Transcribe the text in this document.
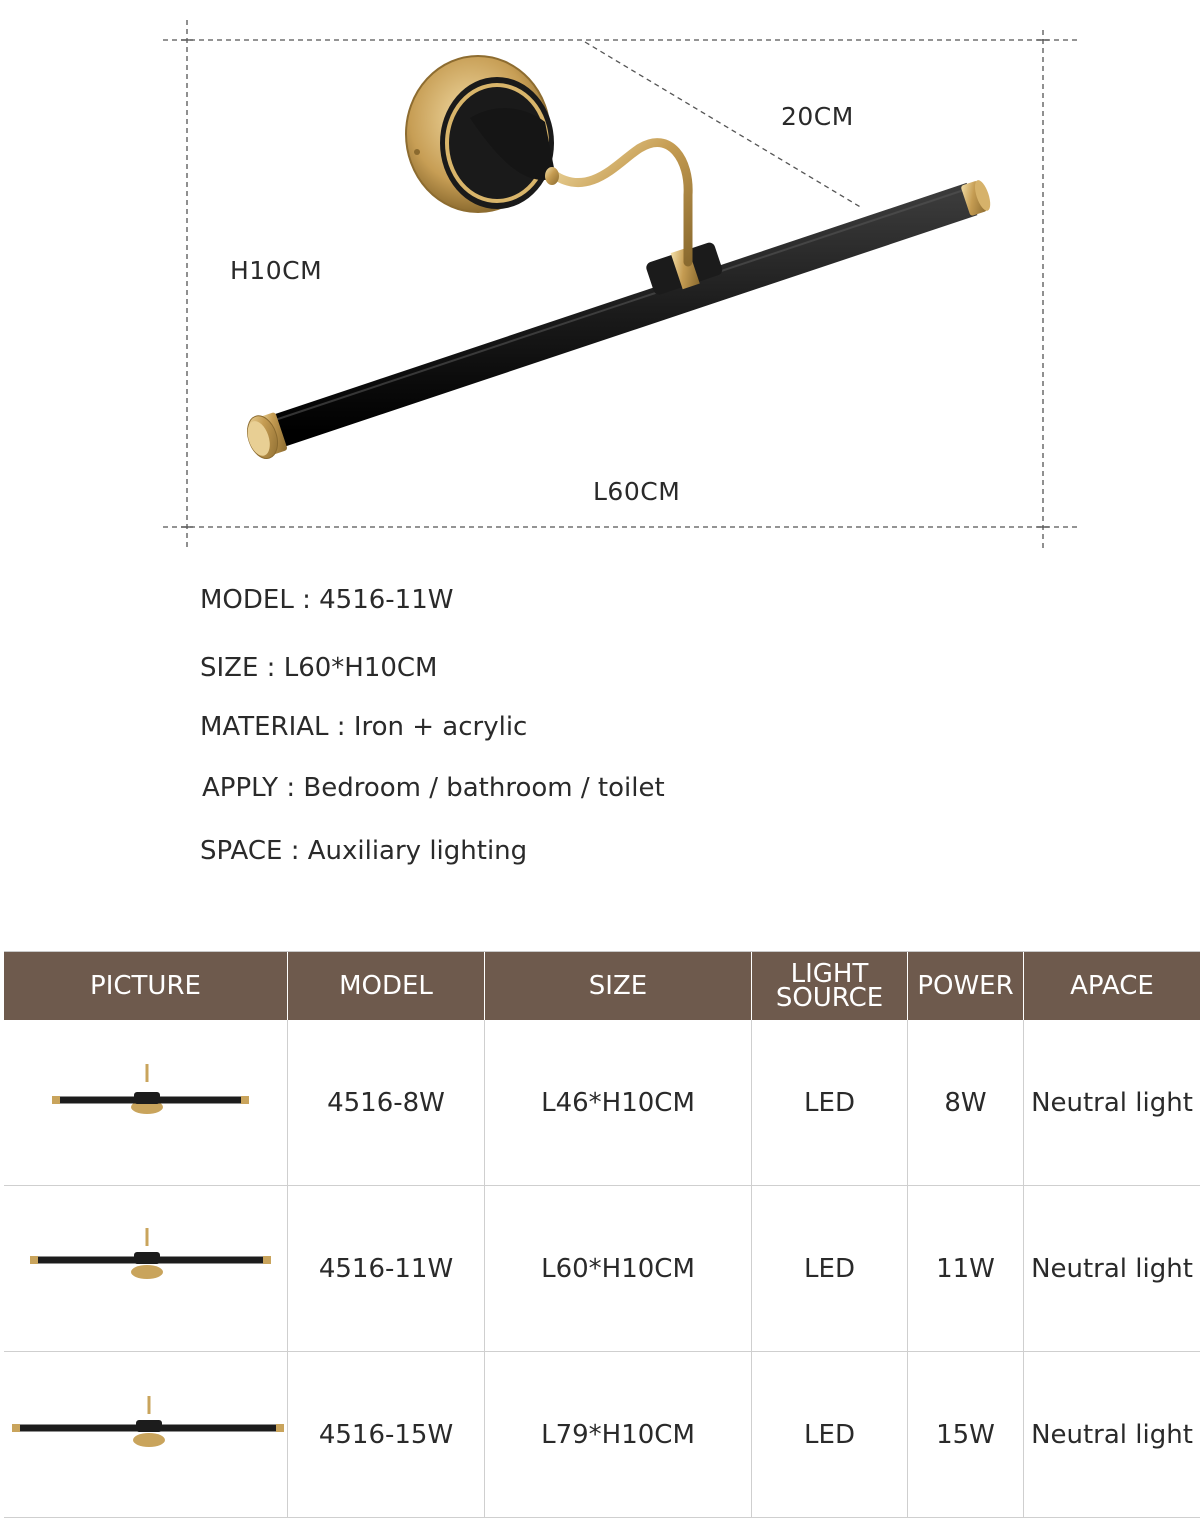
20CM
H10CM
L60CM
MODEL : 4516-11W
SIZE : L60*H10CM
MATERIAL : Iron + acrylic
APPLY : Bedroom / bathroom / toilet
SPACE : Auxiliary lighting
PICTURE	MODEL	SIZE	LIGHT SOURCE	POWER	APACE
4516-8W	L46*H10CM	LED	8W	Neutral light
4516-11W	L60*H10CM	LED	11W	Neutral light
4516-15W	L79*H10CM	LED	15W	Neutral light
